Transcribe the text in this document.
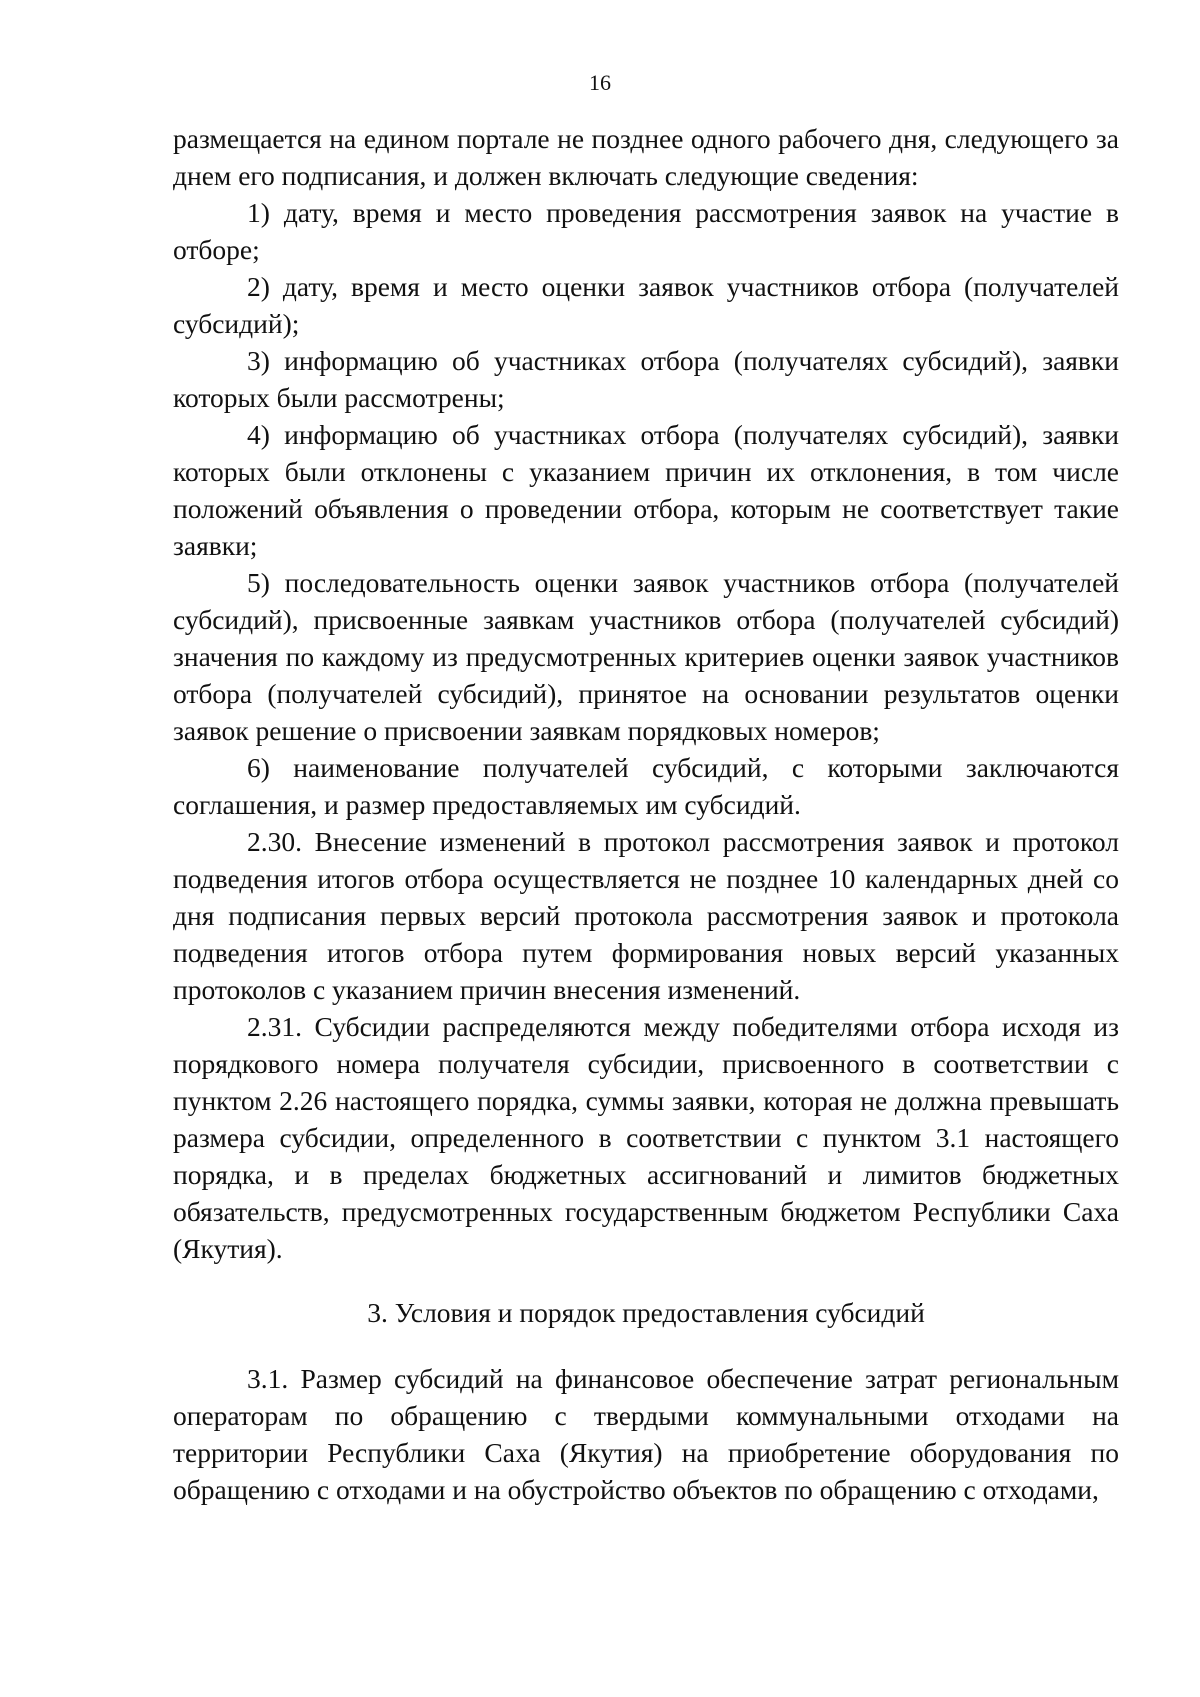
16

размещается на едином портале не позднее одного рабочего дня, следующего за днем его подписания, и должен включать следующие сведения:

1) дату, время и место проведения рассмотрения заявок на участие в отборе;

2) дату, время и место оценки заявок участников отбора (получателей субсидий);

3) информацию об участниках отбора (получателях субсидий), заявки которых были рассмотрены;

4) информацию об участниках отбора (получателях субсидий), заявки которых были отклонены с указанием причин их отклонения, в том числе положений объявления о проведении отбора, которым не соответствует такие заявки;

5) последовательность оценки заявок участников отбора (получателей субсидий), присвоенные заявкам участников отбора (получателей субсидий) значения по каждому из предусмотренных критериев оценки заявок участников отбора (получателей субсидий), принятое на основании результатов оценки заявок решение о присвоении заявкам порядковых номеров;

6) наименование получателей субсидий, с которыми заключаются соглашения, и размер предоставляемых им субсидий.

2.30. Внесение изменений в протокол рассмотрения заявок и протокол подведения итогов отбора осуществляется не позднее 10 календарных дней со дня подписания первых версий протокола рассмотрения заявок и протокола подведения итогов отбора путем формирования новых версий указанных протоколов с указанием причин внесения изменений.

2.31. Субсидии распределяются между победителями отбора исходя из порядкового номера получателя субсидии, присвоенного в соответствии с пунктом 2.26 настоящего порядка, суммы заявки, которая не должна превышать размера субсидии, определенного в соответствии с пунктом 3.1 настоящего порядка, и в пределах бюджетных ассигнований и лимитов бюджетных обязательств, предусмотренных государственным бюджетом Республики Саха (Якутия).

3. Условия и порядок предоставления субсидий

3.1. Размер субсидий на финансовое обеспечение затрат региональным операторам по обращению с твердыми коммунальными отходами на территории Республики Саха (Якутия) на приобретение оборудования по обращению с отходами и на обустройство объектов по обращению с отходами,
